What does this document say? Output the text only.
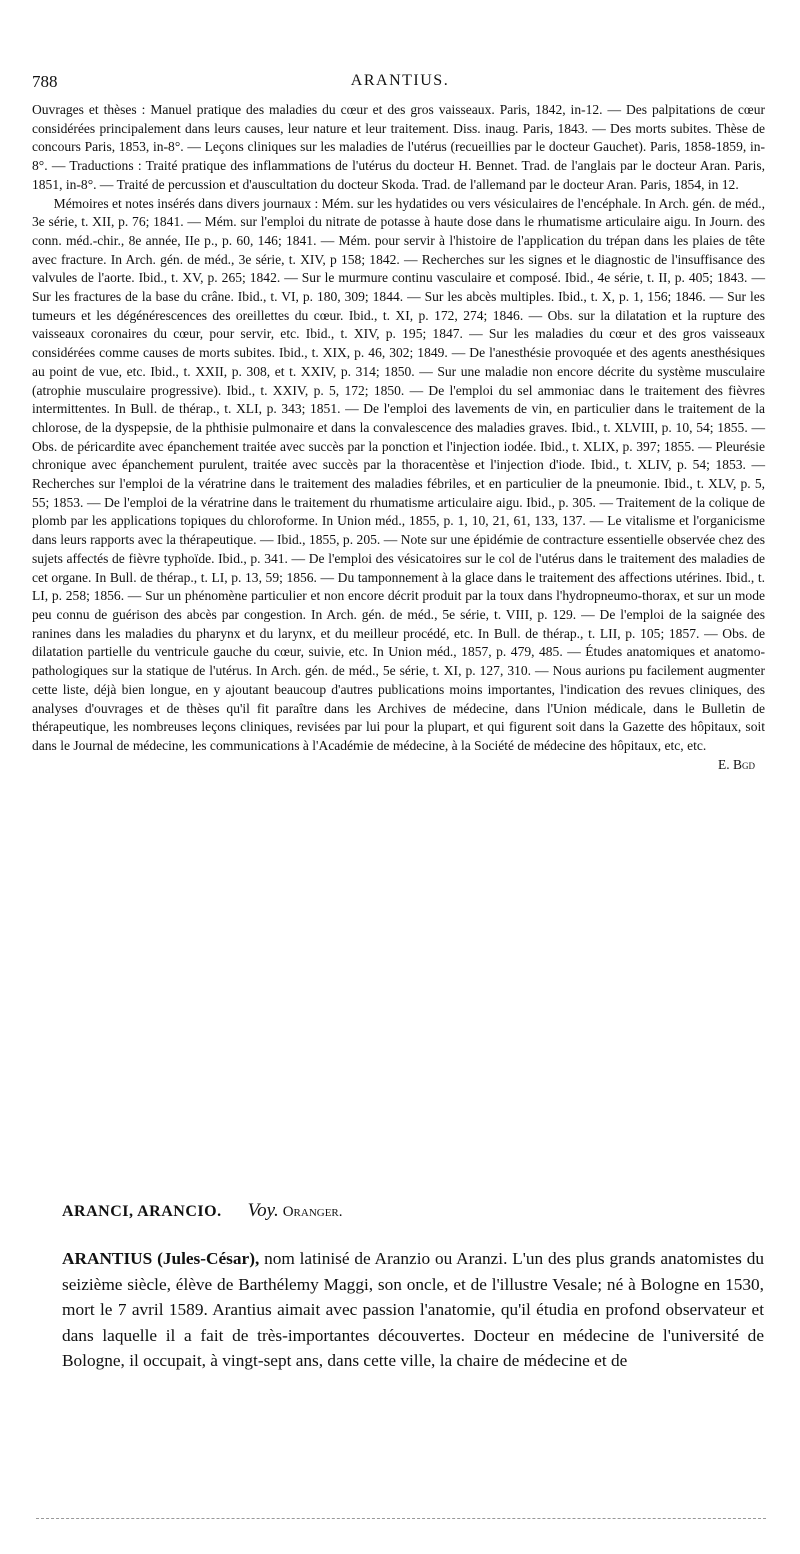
788	ARANTIUS.

Ouvrages et thèses : Manuel pratique des maladies du cœur et des gros vaisseaux. Paris, 1842, in-12. — Des palpitations de cœur considérées principalement dans leurs causes, leur nature et leur traitement. Diss. inaug. Paris, 1843. — Des morts subites. Thèse de concours Paris, 1853, in-8°. — Leçons cliniques sur les maladies de l'utérus (recueillies par le docteur Gauchet). Paris, 1858-1859, in-8°. — Traductions : Traité pratique des inflammations de l'utérus du docteur H. Bennet. Trad. de l'anglais par le docteur Aran. Paris, 1851, in-8°. — Traité de percussion et d'auscultation du docteur Skoda. Trad. de l'allemand par le docteur Aran. Paris, 1854, in 12.

Mémoires et notes insérés dans divers journaux : Mém. sur les hydatides ou vers vésiculaires de l'encéphale. In Arch. gén. de méd., 3e série, t. XII, p. 76; 1841. — Mém. sur l'emploi du nitrate de potasse à haute dose dans le rhumatisme articulaire aigu. In Journ. des conn. méd.-chir., 8e année, IIe p., p. 60, 146; 1841. — Mém. pour servir à l'histoire de l'application du trépan dans les plaies de tête avec fracture. In Arch. gén. de méd., 3e série, t. XIV, p 158; 1842. — Recherches sur les signes et le diagnostic de l'insuffisance des valvules de l'aorte. Ibid., t. XV, p. 265; 1842. — Sur le murmure continu vasculaire et composé. Ibid., 4e série, t. II, p. 405; 1843. — Sur les fractures de la base du crâne. Ibid., t. VI, p. 180, 309; 1844. — Sur les abcès multiples. Ibid., t. X, p. 1, 156; 1846. — Sur les tumeurs et les dégénérescences des oreillettes du cœur. Ibid., t. XI, p. 172, 274; 1846. — Obs. sur la dilatation et la rupture des vaisseaux coronaires du cœur, pour servir, etc. Ibid., t. XIV, p. 195; 1847. — Sur les maladies du cœur et des gros vaisseaux considérées comme causes de morts subites. Ibid., t. XIX, p. 46, 302; 1849. — De l'anesthésie provoquée et des agents anesthésiques au point de vue, etc. Ibid., t. XXII, p. 308, et t. XXIV, p. 314; 1850. — Sur une maladie non encore décrite du système musculaire (atrophie musculaire progressive). Ibid., t. XXIV, p. 5, 172; 1850. — De l'emploi du sel ammoniac dans le traitement des fièvres intermittentes. In Bull. de thérap., t. XLI, p. 343; 1851. — De l'emploi des lavements de vin, en particulier dans le traitement de la chlorose, de la dyspepsie, de la phthisie pulmonaire et dans la convalescence des maladies graves. Ibid., t. XLVIII, p. 10, 54; 1855. — Obs. de péricardite avec épanchement traitée avec succès par la ponction et l'injection iodée. Ibid., t. XLIX, p. 397; 1855. — Pleurésie chronique avec épanchement purulent, traitée avec succès par la thoracentèse et l'injection d'iode. Ibid., t. XLIV, p. 54; 1853. — Recherches sur l'emploi de la vératrine dans le traitement des maladies fébriles, et en particulier de la pneumonie. Ibid., t. XLV, p. 5, 55; 1853. — De l'emploi de la vératrine dans le traitement du rhumatisme articulaire aigu. Ibid., p. 305. — Traitement de la colique de plomb par les applications topiques du chloroforme. In Union méd., 1855, p. 1, 10, 21, 61, 133, 137. — Le vitalisme et l'organicisme dans leurs rapports avec la thérapeutique. — Ibid., 1855, p. 205. — Note sur une épidémie de contracture essentielle observée chez des sujets affectés de fièvre typhoïde. Ibid., p. 341. — De l'emploi des vésicatoires sur le col de l'utérus dans le traitement des maladies de cet organe. In Bull. de thérap., t. LI, p. 13, 59; 1856. — Du tamponnement à la glace dans le traitement des affections utérines. Ibid., t. LI, p. 258; 1856. — Sur un phénomène particulier et non encore décrit produit par la toux dans l'hydropneumo-thorax, et sur un mode peu connu de guérison des abcès par congestion. In Arch. gén. de méd., 5e série, t. VIII, p. 129. — De l'emploi de la saignée des ranines dans les maladies du pharynx et du larynx, et du meilleur procédé, etc. In Bull. de thérap., t. LII, p. 105; 1857. — Obs. de dilatation partielle du ventricule gauche du cœur, suivie, etc. In Union méd., 1857, p. 479, 485. — Études anatomiques et anatomo-pathologiques sur la statique de l'utérus. In Arch. gén. de méd., 5e série, t. XI, p. 127, 310. — Nous aurions pu facilement augmenter cette liste, déjà bien longue, en y ajoutant beaucoup d'autres publications moins importantes, l'indication des revues cliniques, des analyses d'ouvrages et de thèses qu'il fit paraître dans les Archives de médecine, dans l'Union médicale, dans le Bulletin de thérapeutique, les nombreuses leçons cliniques, revisées par lui pour la plupart, et qui figurent soit dans la Gazette des hôpitaux, soit dans le Journal de médecine, les communications à l'Académie de médecine, à la Société de médecine des hôpitaux, etc, etc.

E. Bgd
ARANCI, ARANCIO. Voy. Oranger.
ARANTIUS (Jules-César), nom latinisé de Aranzio ou Aranzi. L'un des plus grands anatomistes du seizième siècle, élève de Barthélemy Maggi, son oncle, et de l'illustre Vesale; né à Bologne en 1530, mort le 7 avril 1589. Arantius aimait avec passion l'anatomie, qu'il étudia en profond observateur et dans laquelle il a fait de très-importantes découvertes. Docteur en médecine de l'université de Bologne, il occupait, à vingt-sept ans, dans cette ville, la chaire de médecine et de
